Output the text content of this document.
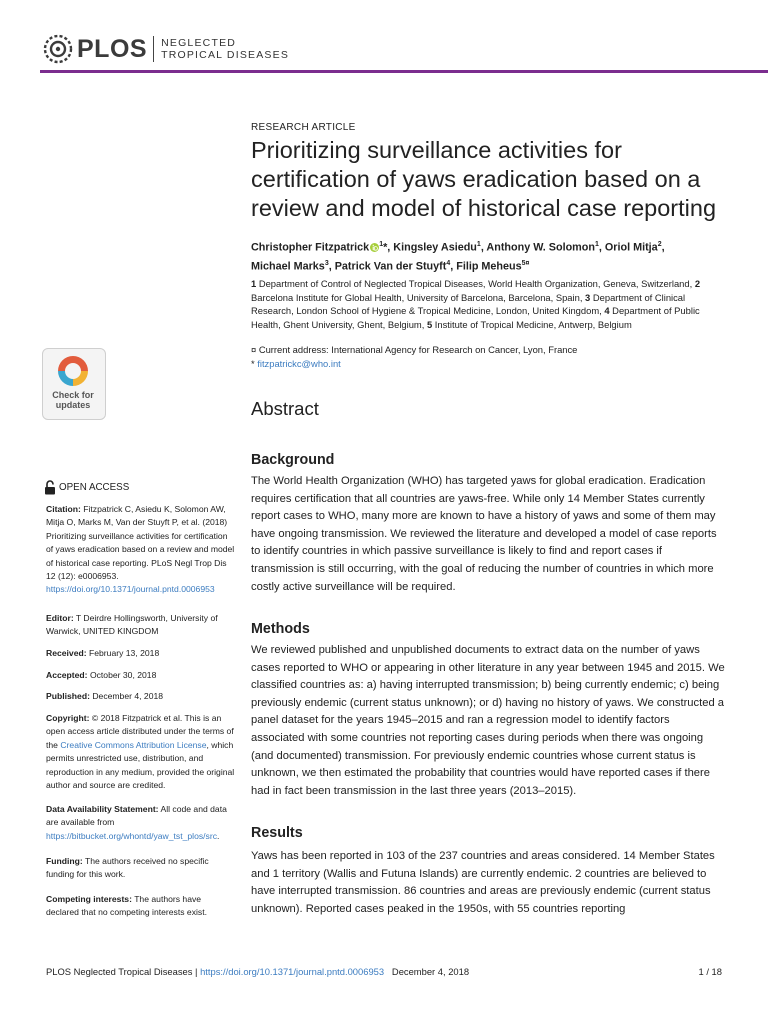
PLOS NEGLECTED
TROPICAL DISEASES
Check for
updates
OPEN ACCESS
Citation: Fitzpatrick C, Asiedu K, Solomon AW, Mitja O, Marks M, Van der Stuyft P, et al. (2018) Prioritizing surveillance activities for certification of yaws eradication based on a review and model of historical case reporting. PLoS Negl Trop Dis 12 (12): e0006953. https://doi.org/10.1371/journal.pntd.0006953
Editor: T Deirdre Hollingsworth, University of Warwick, UNITED KINGDOM
Received: February 13, 2018
Accepted: October 30, 2018
Published: December 4, 2018
Copyright: © 2018 Fitzpatrick et al. This is an open access article distributed under the terms of the Creative Commons Attribution License, which permits unrestricted use, distribution, and reproduction in any medium, provided the original author and source are credited.
Data Availability Statement: All code and data are available from https://bitbucket.org/whontd/yaw_tst_plos/src.
Funding: The authors received no specific funding for this work.
Competing interests: The authors have declared that no competing interests exist.
RESEARCH ARTICLE
Prioritizing surveillance activities for certification of yaws eradication based on a review and model of historical case reporting
Christopher Fitzpatrick $^1$*, Kingsley Asiedu$^1$, Anthony W. Solomon$^1$, Oriol Mitja$^2$,
Michael Marks$^3$, Patrick Van der Stuyft$^4$, Filip Meheus$^{5¤}$
1 Department of Control of Neglected Tropical Diseases, World Health Organization, Geneva, Switzerland, 2 Barcelona Institute for Global Health, University of Barcelona, Barcelona, Spain, 3 Department of Clinical Research, London School of Hygiene & Tropical Medicine, London, United Kingdom, 4 Department of Public Health, Ghent University, Ghent, Belgium, 5 Institute of Tropical Medicine, Antwerp, Belgium
¤ Current address: International Agency for Research on Cancer, Lyon, France
* fitzpatrickc@who.int
Abstract
Background
The World Health Organization (WHO) has targeted yaws for global eradication. Eradication requires certification that all countries are yaws-free. While only 14 Member States currently report cases to WHO, many more are known to have a history of yaws and some of them may have ongoing transmission. We reviewed the literature and developed a model of case reports to identify countries in which passive surveillance is likely to find and report cases if transmission is still occurring, with the goal of reducing the number of countries in which more costly active surveillance will be required.
Methods
We reviewed published and unpublished documents to extract data on the number of yaws cases reported to WHO or appearing in other literature in any year between 1945 and 2015. We classified countries as: a) having interrupted transmission; b) being currently endemic; c) being previously endemic (current status unknown); or d) having no history of yaws. We constructed a panel dataset for the years 1945–2015 and ran a regression model to identify factors associated with some countries not reporting cases during periods when there was ongoing (and documented) transmission. For previously endemic countries whose current status is unknown, we then estimated the probability that countries would have reported cases if there had in fact been transmission in the last three years (2013–2015).
Results
Yaws has been reported in 103 of the 237 countries and areas considered. 14 Member States and 1 territory (Wallis and Futuna Islands) are currently endemic. 2 countries are believed to have interrupted transmission. 86 countries and areas are previously endemic (current status unknown). Reported cases peaked in the 1950s, with 55 countries reporting
PLOS Neglected Tropical Diseases | https://doi.org/10.1371/journal.pntd.0006953 December 4, 2018	1 / 18
